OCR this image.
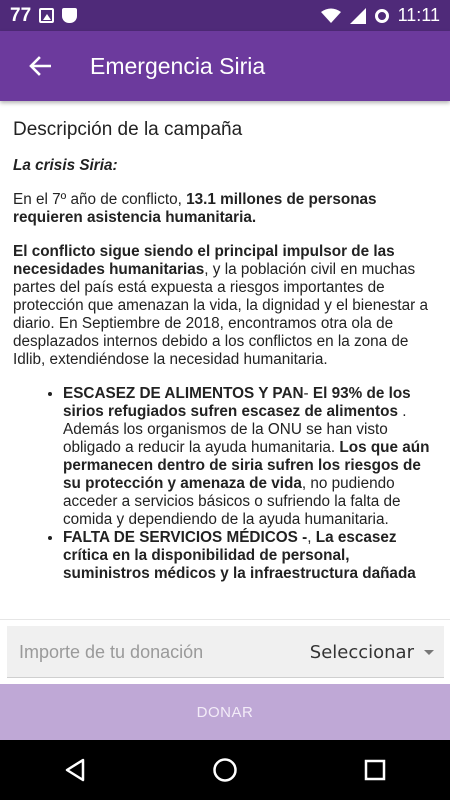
77	11:11
Emergencia Siria
Descripción de la campaña

La crisis Siria:

En el 7º año de conflicto, 13.1 millones de personas requieren asistencia humanitaria.

El conflicto sigue siendo el principal impulsor de las necesidades humanitarias, y la población civil en muchas partes del país está expuesta a riesgos importantes de protección que amenazan la vida, la dignidad y el bienestar a diario. En Septiembre de 2018, encontramos otra ola de desplazados internos debido a los conflictos en la zona de Idlib, extendiéndose la necesidad humanitaria.

• ESCASEZ DE ALIMENTOS Y PAN- El 93% de los sirios refugiados sufren escasez de alimentos . Además los organismos de la ONU se han visto obligado a reducir la ayuda humanitaria. Los que aún permanecen dentro de siria sufren los riesgos de su protección y amenaza de vida, no pudiendo acceder a servicios básicos o sufriendo la falta de comida y dependiendo de la ayuda humanitaria.
• FALTA DE SERVICIOS MÉDICOS -, La escasez crítica en la disponibilidad de personal, suministros médicos y la infraestructura dañada
Importe de tu donación
Seleccionar
DONAR
